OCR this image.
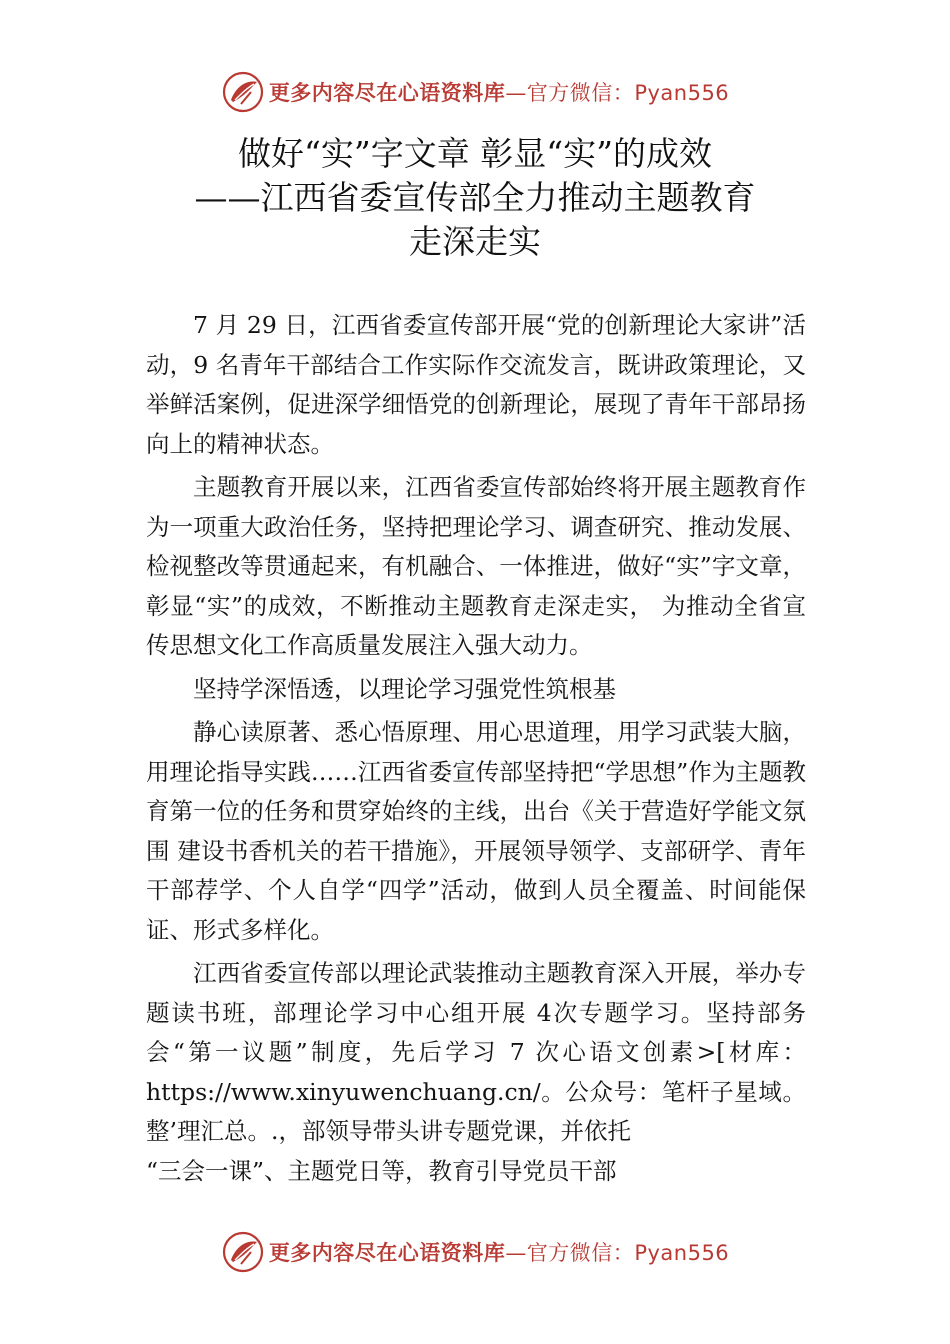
更多内容尽在心语资料库—官方微信：Pyan556
做好“实”字文章 彰显“实”的成效
——江西省委宣传部全力推动主题教育
走深走实

7 月 29 日，江西省委宣传部开展“党的创新理论大家讲”活动，9 名青年干部结合工作实际作交流发言，既讲政策理论，又举鲜活案例，促进深学细悟党的创新理论，展现了青年干部昂扬向上的精神状态。

主题教育开展以来，江西省委宣传部始终将开展主题教育作为一项重大政治任务，坚持把理论学习、调查研究、推动发展、检视整改等贯通起来，有机融合、一体推进，做好“实”字文章，彰显“实”的成效，不断推动主题教育走深走实， 为推动全省宣传思想文化工作高质量发展注入强大动力。

坚持学深悟透，以理论学习强党性筑根基

静心读原著、悉心悟原理、用心思道理，用学习武装大脑，用理论指导实践……江西省委宣传部坚持把“学思想”作为主题教育第一位的任务和贯穿始终的主线，出台《关于营造好学能文氛围 建设书香机关的若干措施》，开展领导领学、支部研学、青年干部荐学、个人自学“四学”活动，做到人员全覆盖、时间能保证、形式多样化。

江西省委宣传部以理论武装推动主题教育深入开展，举办专题读书班，部理论学习中心组开展 4次专题学习。坚持部务会“第一议题”制度，先后学习 7 次心语文创素>[材库：https://www.xinyuwenchuang.cn/。公众号：笔杆子星域。整’理汇总。.，部领导带头讲专题党课，并依托

“三会一课”、主题党日等，教育引导党员干部

更多内容尽在心语资料库—官方微信：Pyan556
